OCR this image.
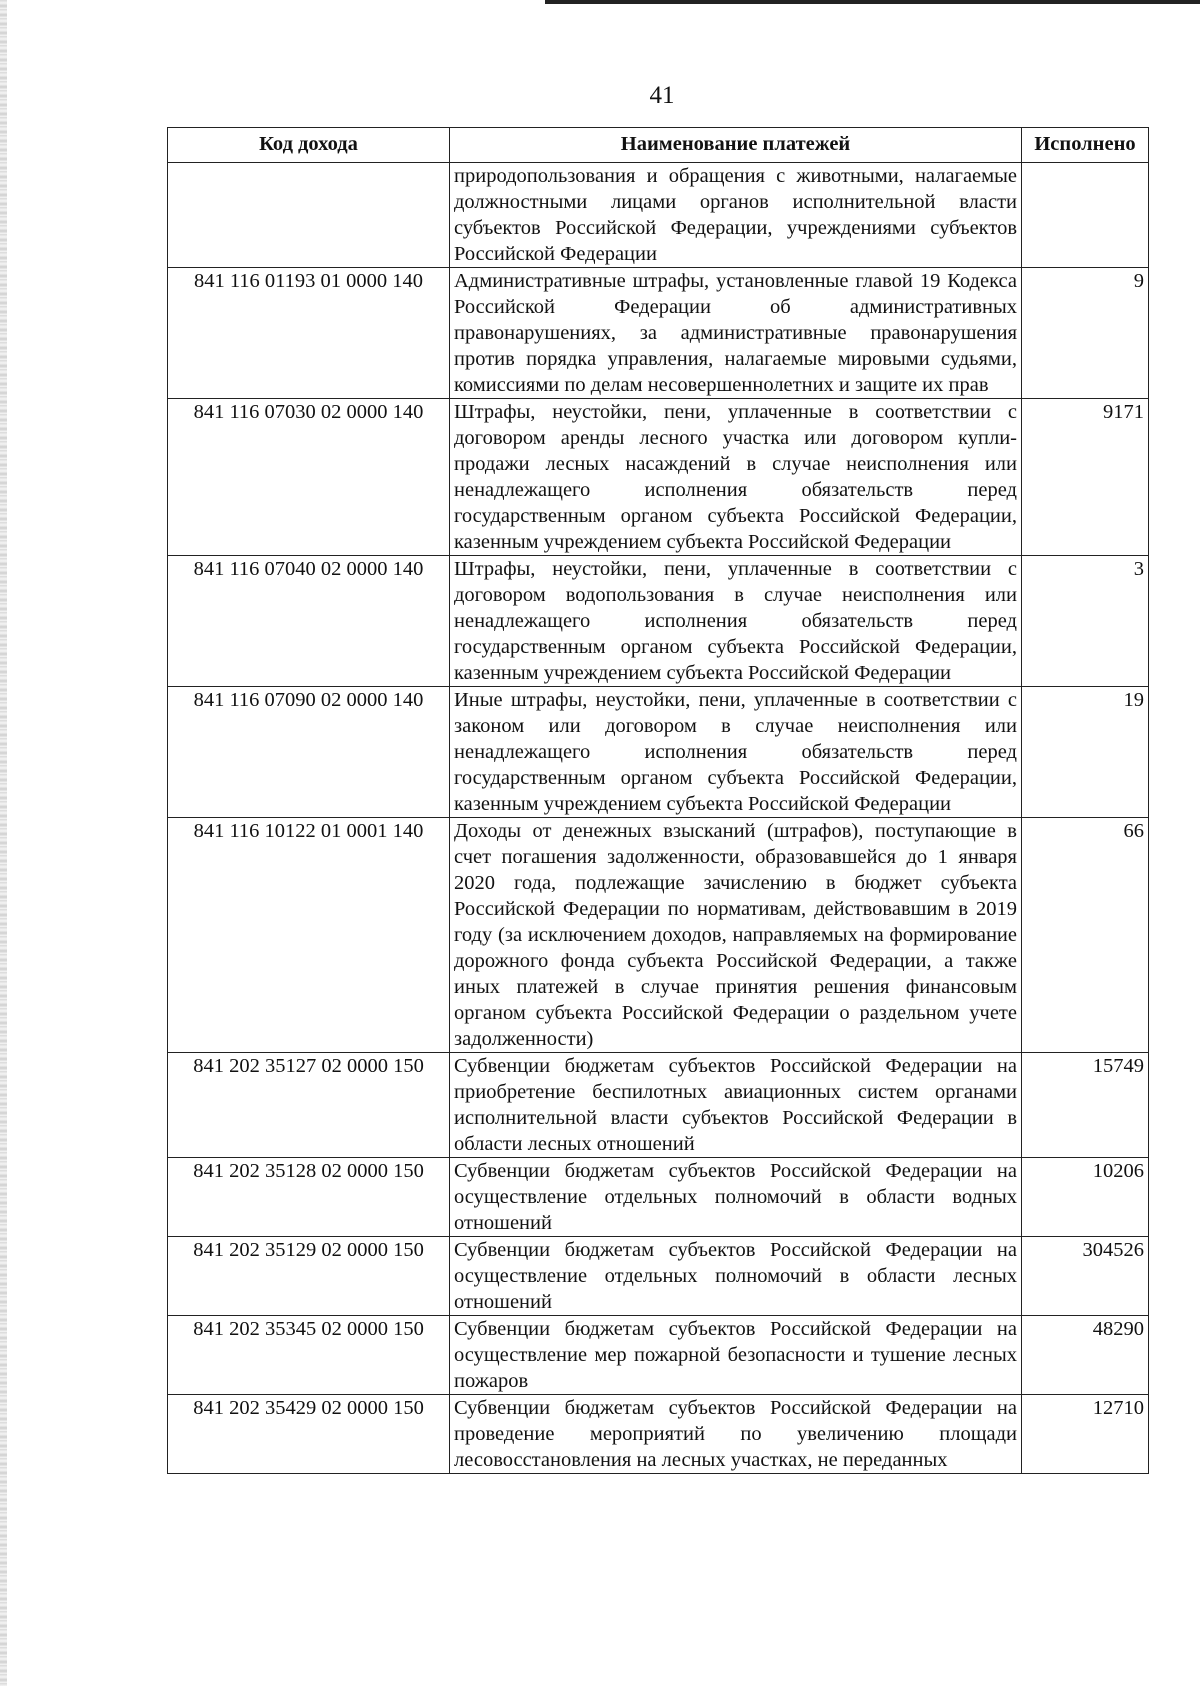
41
Код дохода	Наименование платежей	Исполнено
	природопользования и обращения с животными, налагаемые должностными лицами органов исполнительной власти субъектов Российской Федерации, учреждениями субъектов Российской Федерации	
841 116 01193 01 0000 140	Административные штрафы, установленные главой 19 Кодекса Российской Федерации об административных правонарушениях, за административные правонарушения против порядка управления, налагаемые мировыми судьями, комиссиями по делам несовершеннолетних и защите их прав	9
841 116 07030 02 0000 140	Штрафы, неустойки, пени, уплаченные в соответствии с договором аренды лесного участка или договором купли-продажи лесных насаждений в случае неисполнения или ненадлежащего исполнения обязательств перед государственным органом субъекта Российской Федерации, казенным учреждением субъекта Российской Федерации	9171
841 116 07040 02 0000 140	Штрафы, неустойки, пени, уплаченные в соответствии с договором водопользования в случае неисполнения или ненадлежащего исполнения обязательств перед государственным органом субъекта Российской Федерации, казенным учреждением субъекта Российской Федерации	3
841 116 07090 02 0000 140	Иные штрафы, неустойки, пени, уплаченные в соответствии с законом или договором в случае неисполнения или ненадлежащего исполнения обязательств перед государственным органом субъекта Российской Федерации, казенным учреждением субъекта Российской Федерации	19
841 116 10122 01 0001 140	Доходы от денежных взысканий (штрафов), поступающие в счет погашения задолженности, образовавшейся до 1 января 2020 года, подлежащие зачислению в бюджет субъекта Российской Федерации по нормативам, действовавшим в 2019 году (за исключением доходов, направляемых на формирование дорожного фонда субъекта Российской Федерации, а также иных платежей в случае принятия решения финансовым органом субъекта Российской Федерации о раздельном учете задолженности)	66
841 202 35127 02 0000 150	Субвенции бюджетам субъектов Российской Федерации на приобретение беспилотных авиационных систем органами исполнительной власти субъектов Российской Федерации в области лесных отношений	15749
841 202 35128 02 0000 150	Субвенции бюджетам субъектов Российской Федерации на осуществление отдельных полномочий в области водных отношений	10206
841 202 35129 02 0000 150	Субвенции бюджетам субъектов Российской Федерации на осуществление отдельных полномочий в области лесных отношений	304526
841 202 35345 02 0000 150	Субвенции бюджетам субъектов Российской Федерации на осуществление мер пожарной безопасности и тушение лесных пожаров	48290
841 202 35429 02 0000 150	Субвенции бюджетам субъектов Российской Федерации на проведение мероприятий по увеличению площади лесовосстановления на лесных участках, не переданных	12710
